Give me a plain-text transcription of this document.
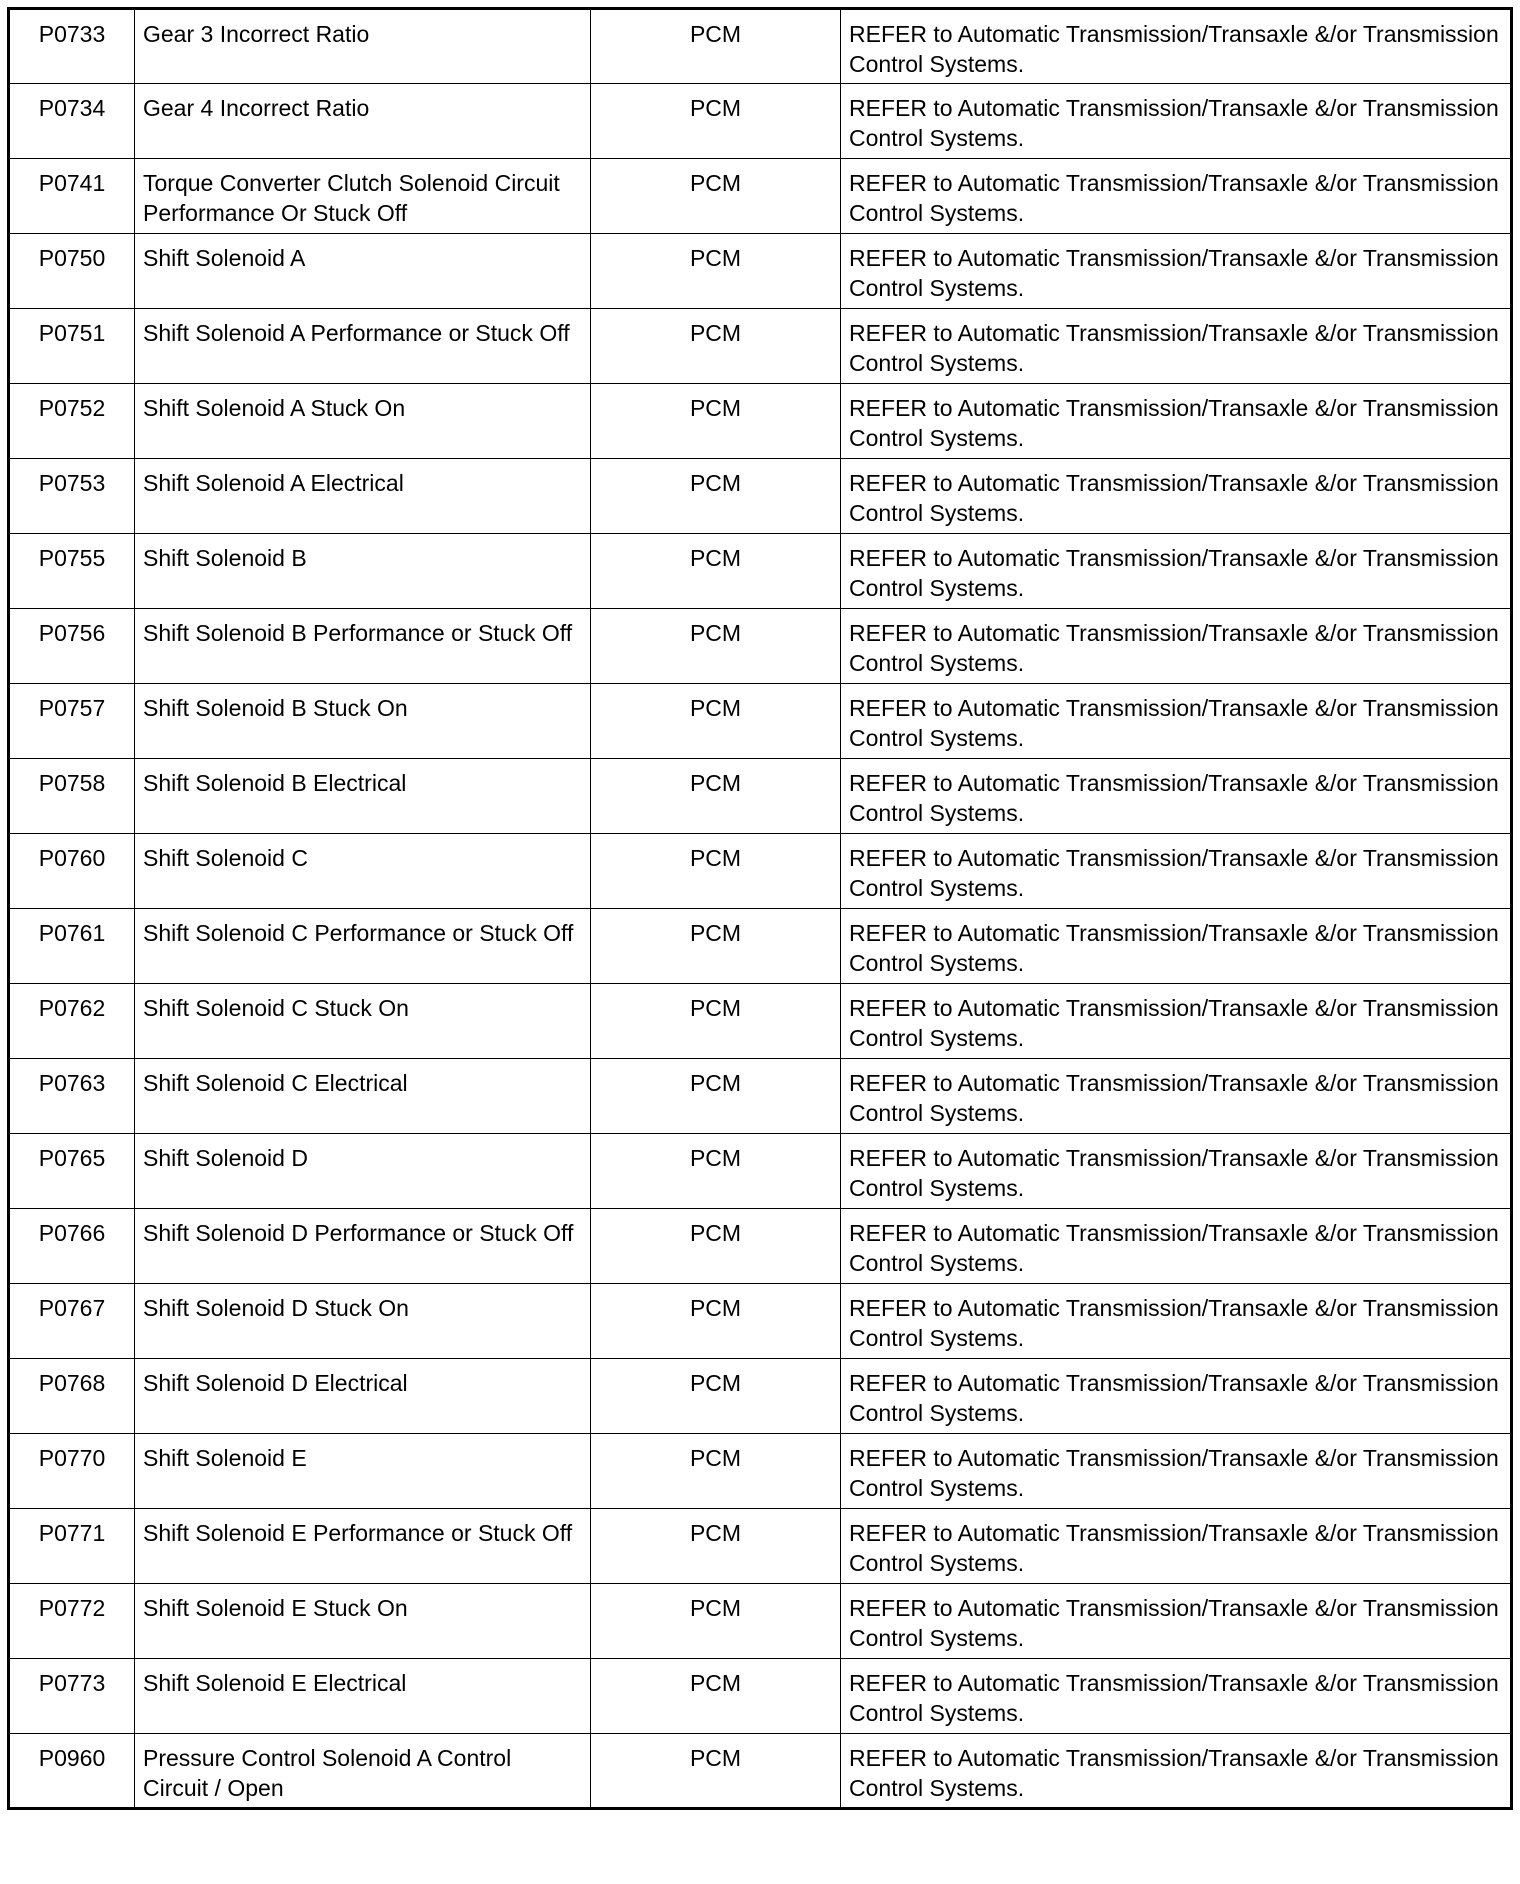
P0733	Gear 3 Incorrect Ratio	PCM	REFER to Automatic Transmission/Transaxle &/or Transmission Control Systems.
P0734	Gear 4 Incorrect Ratio	PCM	REFER to Automatic Transmission/Transaxle &/or Transmission Control Systems.
P0741	Torque Converter Clutch Solenoid Circuit Performance Or Stuck Off	PCM	REFER to Automatic Transmission/Transaxle &/or Transmission Control Systems.
P0750	Shift Solenoid A	PCM	REFER to Automatic Transmission/Transaxle &/or Transmission Control Systems.
P0751	Shift Solenoid A Performance or Stuck Off	PCM	REFER to Automatic Transmission/Transaxle &/or Transmission Control Systems.
P0752	Shift Solenoid A Stuck On	PCM	REFER to Automatic Transmission/Transaxle &/or Transmission Control Systems.
P0753	Shift Solenoid A Electrical	PCM	REFER to Automatic Transmission/Transaxle &/or Transmission Control Systems.
P0755	Shift Solenoid B	PCM	REFER to Automatic Transmission/Transaxle &/or Transmission Control Systems.
P0756	Shift Solenoid B Performance or Stuck Off	PCM	REFER to Automatic Transmission/Transaxle &/or Transmission Control Systems.
P0757	Shift Solenoid B Stuck On	PCM	REFER to Automatic Transmission/Transaxle &/or Transmission Control Systems.
P0758	Shift Solenoid B Electrical	PCM	REFER to Automatic Transmission/Transaxle &/or Transmission Control Systems.
P0760	Shift Solenoid C	PCM	REFER to Automatic Transmission/Transaxle &/or Transmission Control Systems.
P0761	Shift Solenoid C Performance or Stuck Off	PCM	REFER to Automatic Transmission/Transaxle &/or Transmission Control Systems.
P0762	Shift Solenoid C Stuck On	PCM	REFER to Automatic Transmission/Transaxle &/or Transmission Control Systems.
P0763	Shift Solenoid C Electrical	PCM	REFER to Automatic Transmission/Transaxle &/or Transmission Control Systems.
P0765	Shift Solenoid D	PCM	REFER to Automatic Transmission/Transaxle &/or Transmission Control Systems.
P0766	Shift Solenoid D Performance or Stuck Off	PCM	REFER to Automatic Transmission/Transaxle &/or Transmission Control Systems.
P0767	Shift Solenoid D Stuck On	PCM	REFER to Automatic Transmission/Transaxle &/or Transmission Control Systems.
P0768	Shift Solenoid D Electrical	PCM	REFER to Automatic Transmission/Transaxle &/or Transmission Control Systems.
P0770	Shift Solenoid E	PCM	REFER to Automatic Transmission/Transaxle &/or Transmission Control Systems.
P0771	Shift Solenoid E Performance or Stuck Off	PCM	REFER to Automatic Transmission/Transaxle &/or Transmission Control Systems.
P0772	Shift Solenoid E Stuck On	PCM	REFER to Automatic Transmission/Transaxle &/or Transmission Control Systems.
P0773	Shift Solenoid E Electrical	PCM	REFER to Automatic Transmission/Transaxle &/or Transmission Control Systems.
P0960	Pressure Control Solenoid A Control Circuit / Open	PCM	REFER to Automatic Transmission/Transaxle &/or Transmission Control Systems.
